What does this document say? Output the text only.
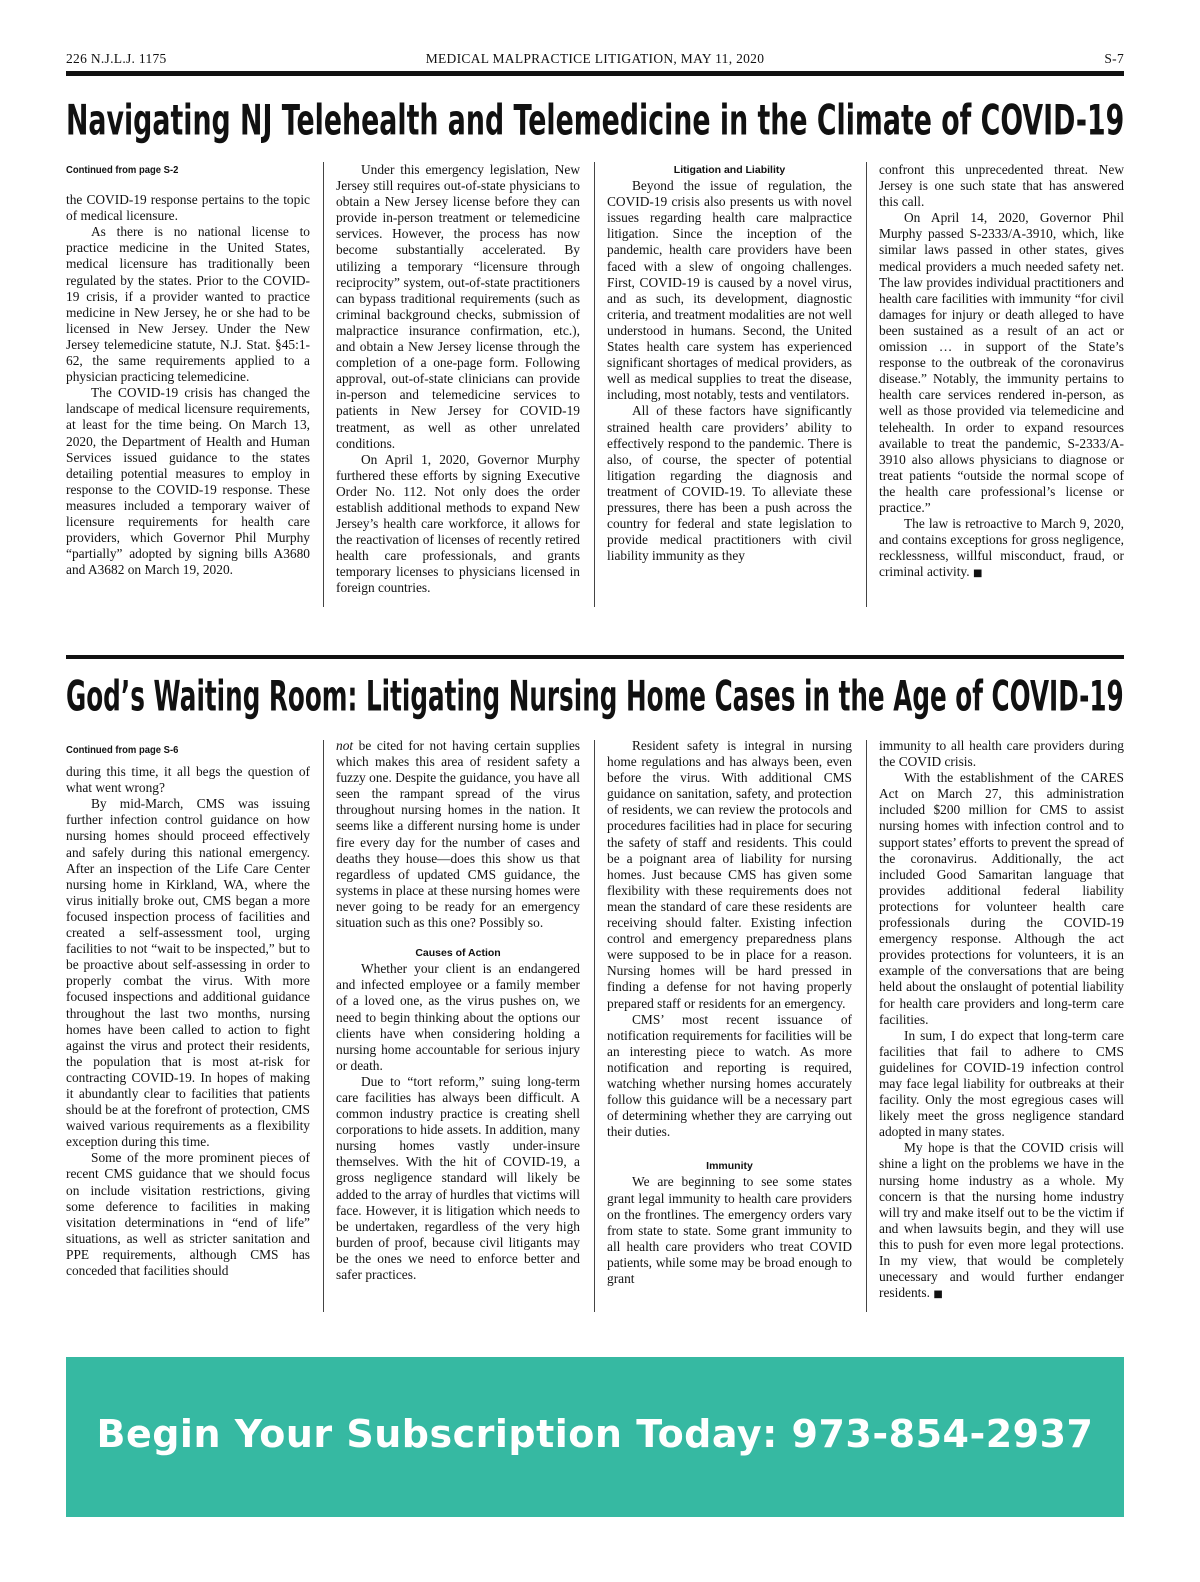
226 N.J.L.J. 1175	MEDICAL MALPRACTICE LITIGATION, MAY 11, 2020	S-7
Navigating NJ Telehealth and Telemedicine in the Climate of COVID-19

Continued from page S-2

the COVID-19 response pertains to the topic of medical licensure.

As there is no national license to practice medicine in the United States, medical licensure has traditionally been regulated by the states. Prior to the COVID-19 crisis, if a provider wanted to practice medicine in New Jersey, he or she had to be licensed in New Jersey. Under the New Jersey telemedicine statute, N.J. Stat. §45:1-62, the same requirements applied to a physician practicing telemedicine.

The COVID-19 crisis has changed the landscape of medical licensure requirements, at least for the time being. On March 13, 2020, the Department of Health and Human Services issued guidance to the states detailing potential measures to employ in response to the COVID-19 response. These measures included a temporary waiver of licensure requirements for health care providers, which Governor Phil Murphy “partially” adopted by signing bills A3680 and A3682 on March 19, 2020.

Under this emergency legislation, New Jersey still requires out-of-state physicians to obtain a New Jersey license before they can provide in-person treatment or telemedicine services. However, the process has now become substantially accelerated. By utilizing a temporary “licensure through reciprocity” system, out-of-state practitioners can bypass traditional requirements (such as criminal background checks, submission of malpractice insurance confirmation, etc.), and obtain a New Jersey license through the completion of a one-page form. Following approval, out-of-state clinicians can provide in-person and telemedicine services to patients in New Jersey for COVID-19 treatment, as well as other unrelated conditions.

On April 1, 2020, Governor Murphy furthered these efforts by signing Executive Order No. 112. Not only does the order establish additional methods to expand New Jersey’s health care workforce, it allows for the reactivation of licenses of recently retired health care professionals, and grants temporary licenses to physicians licensed in foreign countries.

Litigation and Liability

Beyond the issue of regulation, the COVID-19 crisis also presents us with novel issues regarding health care malpractice litigation. Since the inception of the pandemic, health care providers have been faced with a slew of ongoing challenges. First, COVID-19 is caused by a novel virus, and as such, its development, diagnostic criteria, and treatment modalities are not well understood in humans. Second, the United States health care system has experienced significant shortages of medical providers, as well as medical supplies to treat the disease, including, most notably, tests and ventilators.

All of these factors have significantly strained health care providers’ ability to effectively respond to the pandemic. There is also, of course, the specter of potential litigation regarding the diagnosis and treatment of COVID-19. To alleviate these pressures, there has been a push across the country for federal and state legislation to provide medical practitioners with civil liability immunity as they

confront this unprecedented threat. New Jersey is one such state that has answered this call.

On April 14, 2020, Governor Phil Murphy passed S-2333/A-3910, which, like similar laws passed in other states, gives medical providers a much needed safety net. The law provides individual practitioners and health care facilities with immunity “for civil damages for injury or death alleged to have been sustained as a result of an act or omission … in support of the State’s response to the outbreak of the coronavirus disease.” Notably, the immunity pertains to health care services rendered in-person, as well as those provided via telemedicine and telehealth. In order to expand resources available to treat the pandemic, S-2333/A-3910 also allows physicians to diagnose or treat patients “outside the normal scope of the health care professional’s license or practice.”

The law is retroactive to March 9, 2020, and contains exceptions for gross negligence, recklessness, willful misconduct, fraud, or criminal activity. ■

God’s Waiting Room: Litigating Nursing Home Cases in the Age of COVID-19

Continued from page S-6

during this time, it all begs the question of what went wrong?

By mid-March, CMS was issuing further infection control guidance on how nursing homes should proceed effectively and safely during this national emergency. After an inspection of the Life Care Center nursing home in Kirkland, WA, where the virus initially broke out, CMS began a more focused inspection process of facilities and created a self-assessment tool, urging facilities to not “wait to be inspected,” but to be proactive about self-assessing in order to properly combat the virus. With more focused inspections and additional guidance throughout the last two months, nursing homes have been called to action to fight against the virus and protect their residents, the population that is most at-risk for contracting COVID-19. In hopes of making it abundantly clear to facilities that patients should be at the forefront of protection, CMS waived various requirements as a flexibility exception during this time.

Some of the more prominent pieces of recent CMS guidance that we should focus on include visitation restrictions, giving some deference to facilities in making visitation determinations in “end of life” situations, as well as stricter sanitation and PPE requirements, although CMS has conceded that facilities should

not be cited for not having certain supplies which makes this area of resident safety a fuzzy one. Despite the guidance, you have all seen the rampant spread of the virus throughout nursing homes in the nation. It seems like a different nursing home is under fire every day for the number of cases and deaths they house—does this show us that regardless of updated CMS guidance, the systems in place at these nursing homes were never going to be ready for an emergency situation such as this one? Possibly so.

Causes of Action

Whether your client is an endangered and infected employee or a family member of a loved one, as the virus pushes on, we need to begin thinking about the options our clients have when considering holding a nursing home accountable for serious injury or death.

Due to “tort reform,” suing long-term care facilities has always been difficult. A common industry practice is creating shell corporations to hide assets. In addition, many nursing homes vastly under-insure themselves. With the hit of COVID-19, a gross negligence standard will likely be added to the array of hurdles that victims will face. However, it is litigation which needs to be undertaken, regardless of the very high burden of proof, because civil litigants may be the ones we need to enforce better and safer practices.

Resident safety is integral in nursing home regulations and has always been, even before the virus. With additional CMS guidance on sanitation, safety, and protection of residents, we can review the protocols and procedures facilities had in place for securing the safety of staff and residents. This could be a poignant area of liability for nursing homes. Just because CMS has given some flexibility with these requirements does not mean the standard of care these residents are receiving should falter. Existing infection control and emergency preparedness plans were supposed to be in place for a reason. Nursing homes will be hard pressed in finding a defense for not having properly prepared staff or residents for an emergency.

CMS’ most recent issuance of notification requirements for facilities will be an interesting piece to watch. As more notification and reporting is required, watching whether nursing homes accurately follow this guidance will be a necessary part of determining whether they are carrying out their duties.

Immunity

We are beginning to see some states grant legal immunity to health care providers on the frontlines. The emergency orders vary from state to state. Some grant immunity to all health care providers who treat COVID patients, while some may be broad enough to grant

immunity to all health care providers during the COVID crisis.

With the establishment of the CARES Act on March 27, this administration included $200 million for CMS to assist nursing homes with infection control and to support states’ efforts to prevent the spread of the coronavirus. Additionally, the act included Good Samaritan language that provides additional federal liability protections for volunteer health care professionals during the COVID-19 emergency response. Although the act provides protections for volunteers, it is an example of the conversations that are being held about the onslaught of potential liability for health care providers and long-term care facilities.

In sum, I do expect that long-term care facilities that fail to adhere to CMS guidelines for COVID-19 infection control may face legal liability for outbreaks at their facility. Only the most egregious cases will likely meet the gross negligence standard adopted in many states.

My hope is that the COVID crisis will shine a light on the problems we have in the nursing home industry as a whole. My concern is that the nursing home industry will try and make itself out to be the victim if and when lawsuits begin, and they will use this to push for even more legal protections. In my view, that would be completely unecessary and would further endanger residents. ■

Begin Your Subscription Today: 973-854-2937
